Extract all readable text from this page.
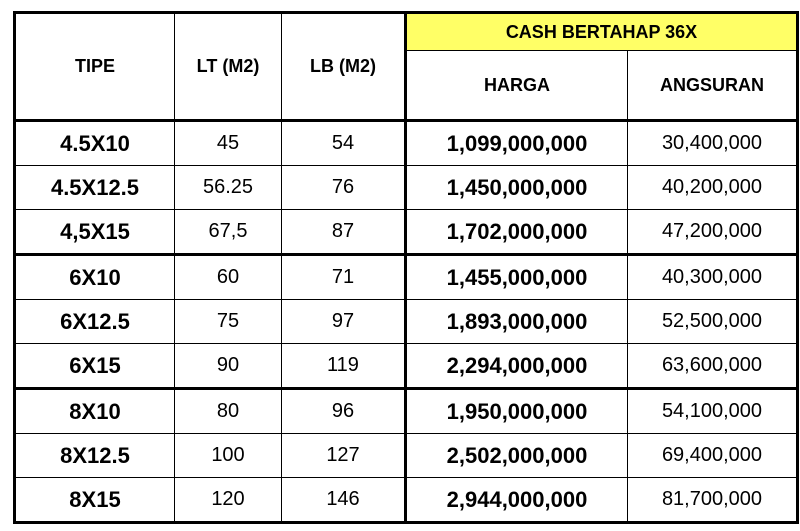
TIPE	LT (M2)	LB (M2)	CASH BERTAHAP 36X	
			HARGA	ANGSURAN
4.5X10	45	54	1,099,000,000	30,400,000
4.5X12.5	56.25	76	1,450,000,000	40,200,000
4,5X15	67,5	87	1,702,000,000	47,200,000
6X10	60	71	1,455,000,000	40,300,000
6X12.5	75	97	1,893,000,000	52,500,000
6X15	90	119	2,294,000,000	63,600,000
8X10	80	96	1,950,000,000	54,100,000
8X12.5	100	127	2,502,000,000	69,400,000
8X15	120	146	2,944,000,000	81,700,000
